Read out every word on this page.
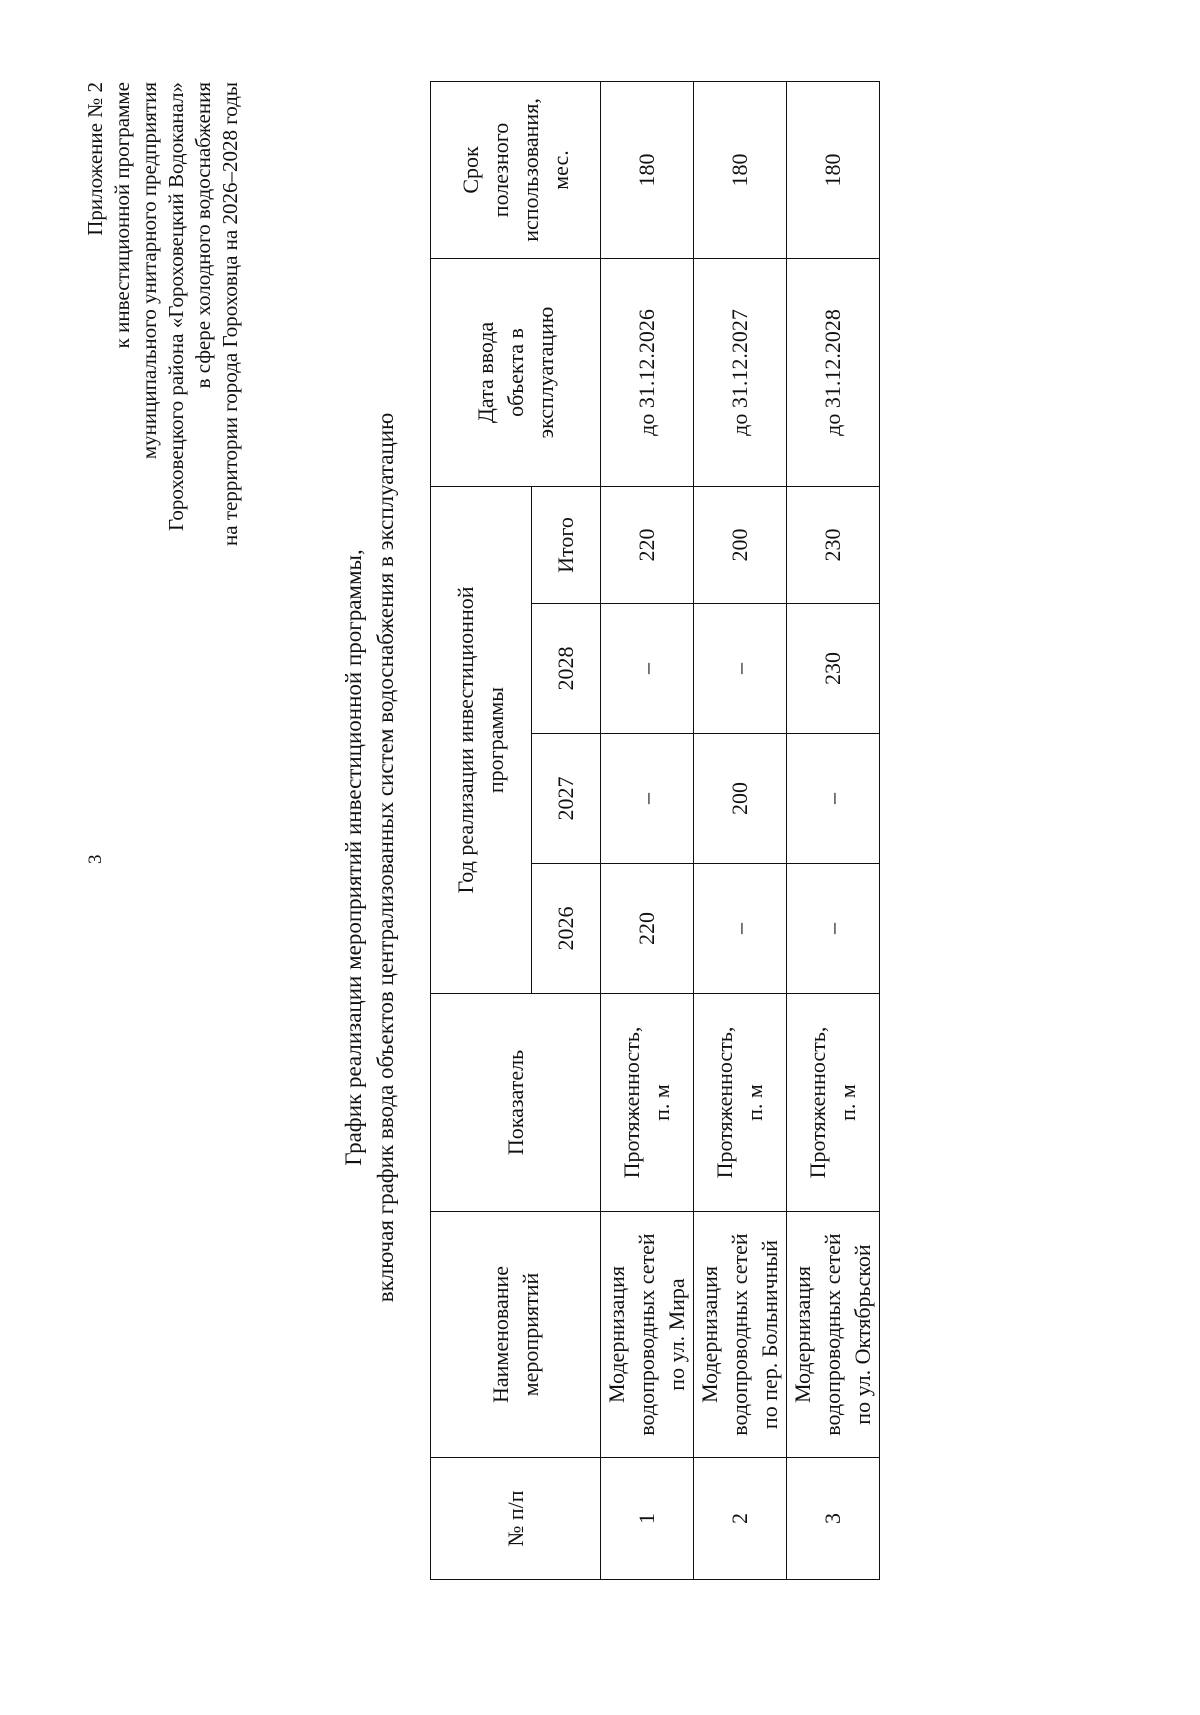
3
Приложение № 2 к инвестиционной программе муниципального унитарного предприятия Гороховецкого района «Гороховецкий Водоканал» в сфере холодного водоснабжения на территории города Гороховца на 2026–2028 годы
График реализации мероприятий инвестиционной программы, включая график ввода объектов централизованных систем водоснабжения в эксплуатацию
№ п/п	Наименование мероприятий	Показатель	Год реализации инвестиционной программы				Дата ввода объекта в эксплуатацию	Срок полезного использования, мес.

			2026	2027	2028	Итого		
1	Модернизация водопроводных сетей по ул. Мира	Протяженность, п. м	220	–	–	220	до 31.12.2026	180
2	Модернизация водопроводных сетей по пер. Больничный	Протяженность, п. м	–	200	–	200	до 31.12.2027	180
3	Модернизация водопроводных сетей по ул. Октябрьской	Протяженность, п. м	–	–	230	230	до 31.12.2028	180
